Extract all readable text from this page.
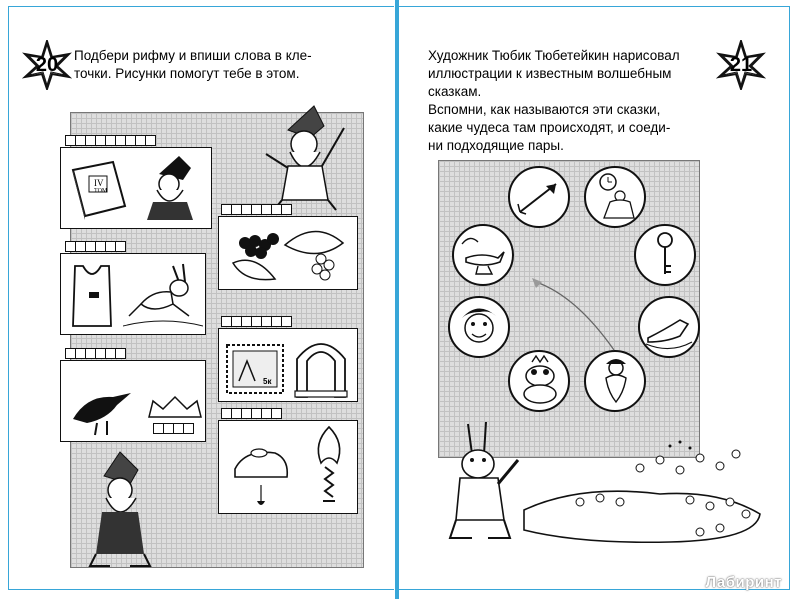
20	Подбери рифму и впиши слова в кле-

точки. Рисунки помогут тебе в этом.

IV
ТОМ
5к

Художник Тюбик Тюбетейкин нарисовал

иллюстрации к известным волшебным

сказкам.

Вспомни, как называются эти сказки,

какие чудеса там происходят, и соеди-

ни подходящие пары.

21
Лабиринт
